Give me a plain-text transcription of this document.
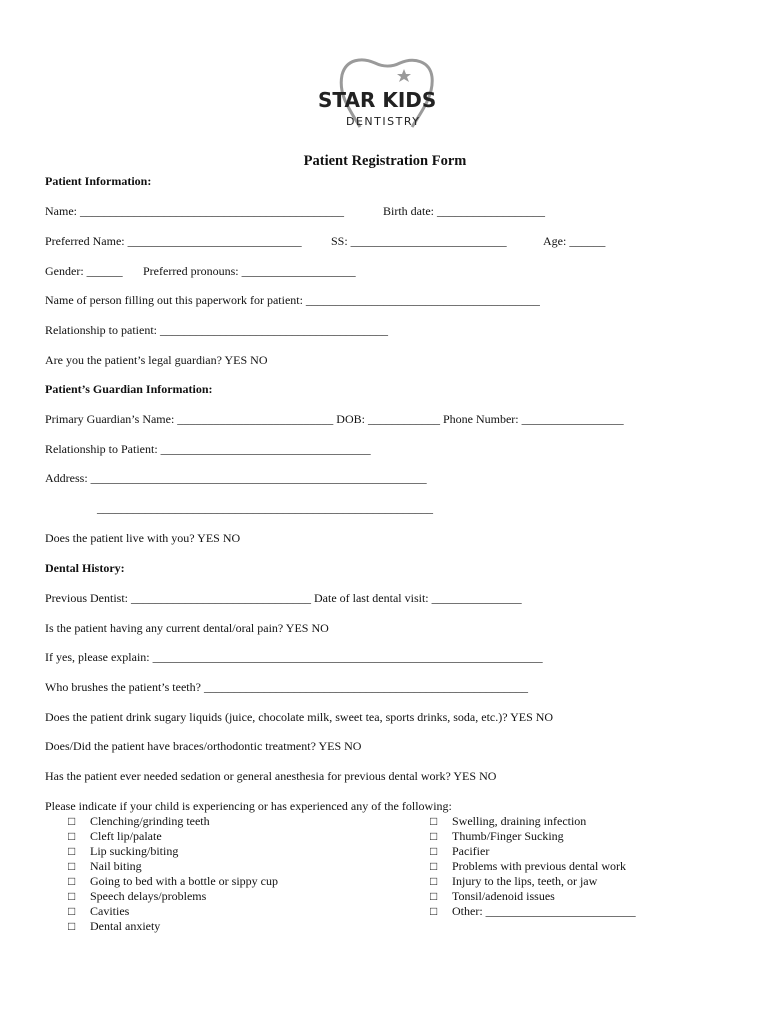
STAR KIDS
DENTISTRY
Patient Registration Form
Patient Information:
Name: ____________________________________________	Birth date: __________________
Preferred Name: _____________________________ SS: __________________________	Age: ______
Gender: ______ Preferred pronouns: ___________________
Name of person filling out this paperwork for patient: _______________________________________
Relationship to patient: ______________________________________
Are you the patient’s legal guardian? YES NO
Patient’s Guardian Information:
Primary Guardian’s Name: __________________________ DOB: ____________ Phone Number: _________________
Relationship to Patient: ___________________________________
Address: ________________________________________________________
________________________________________________________
Does the patient live with you? YES NO
Dental History:
Previous Dentist: ______________________________ Date of last dental visit: _______________
Is the patient having any current dental/oral pain? YES NO
If yes, please explain: _________________________________________________________________
Who brushes the patient’s teeth? ______________________________________________________
Does the patient drink sugary liquids (juice, chocolate milk, sweet tea, sports drinks, soda, etc.)? YES NO
Does/Did the patient have braces/orthodontic treatment? YES NO
Has the patient ever needed sedation or general anesthesia for previous dental work? YES NO
Please indicate if your child is experiencing or has experienced any of the following:
□ Clenching/grinding teeth
□ Cleft lip/palate
□ Lip sucking/biting
□ Nail biting
□ Going to bed with a bottle or sippy cup
□ Speech delays/problems
□ Cavities
□ Dental anxiety
□ Swelling, draining infection
□ Thumb/Finger Sucking
□ Pacifier
□ Problems with previous dental work
□ Injury to the lips, teeth, or jaw
□ Tonsil/adenoid issues
□ Other: _________________________
